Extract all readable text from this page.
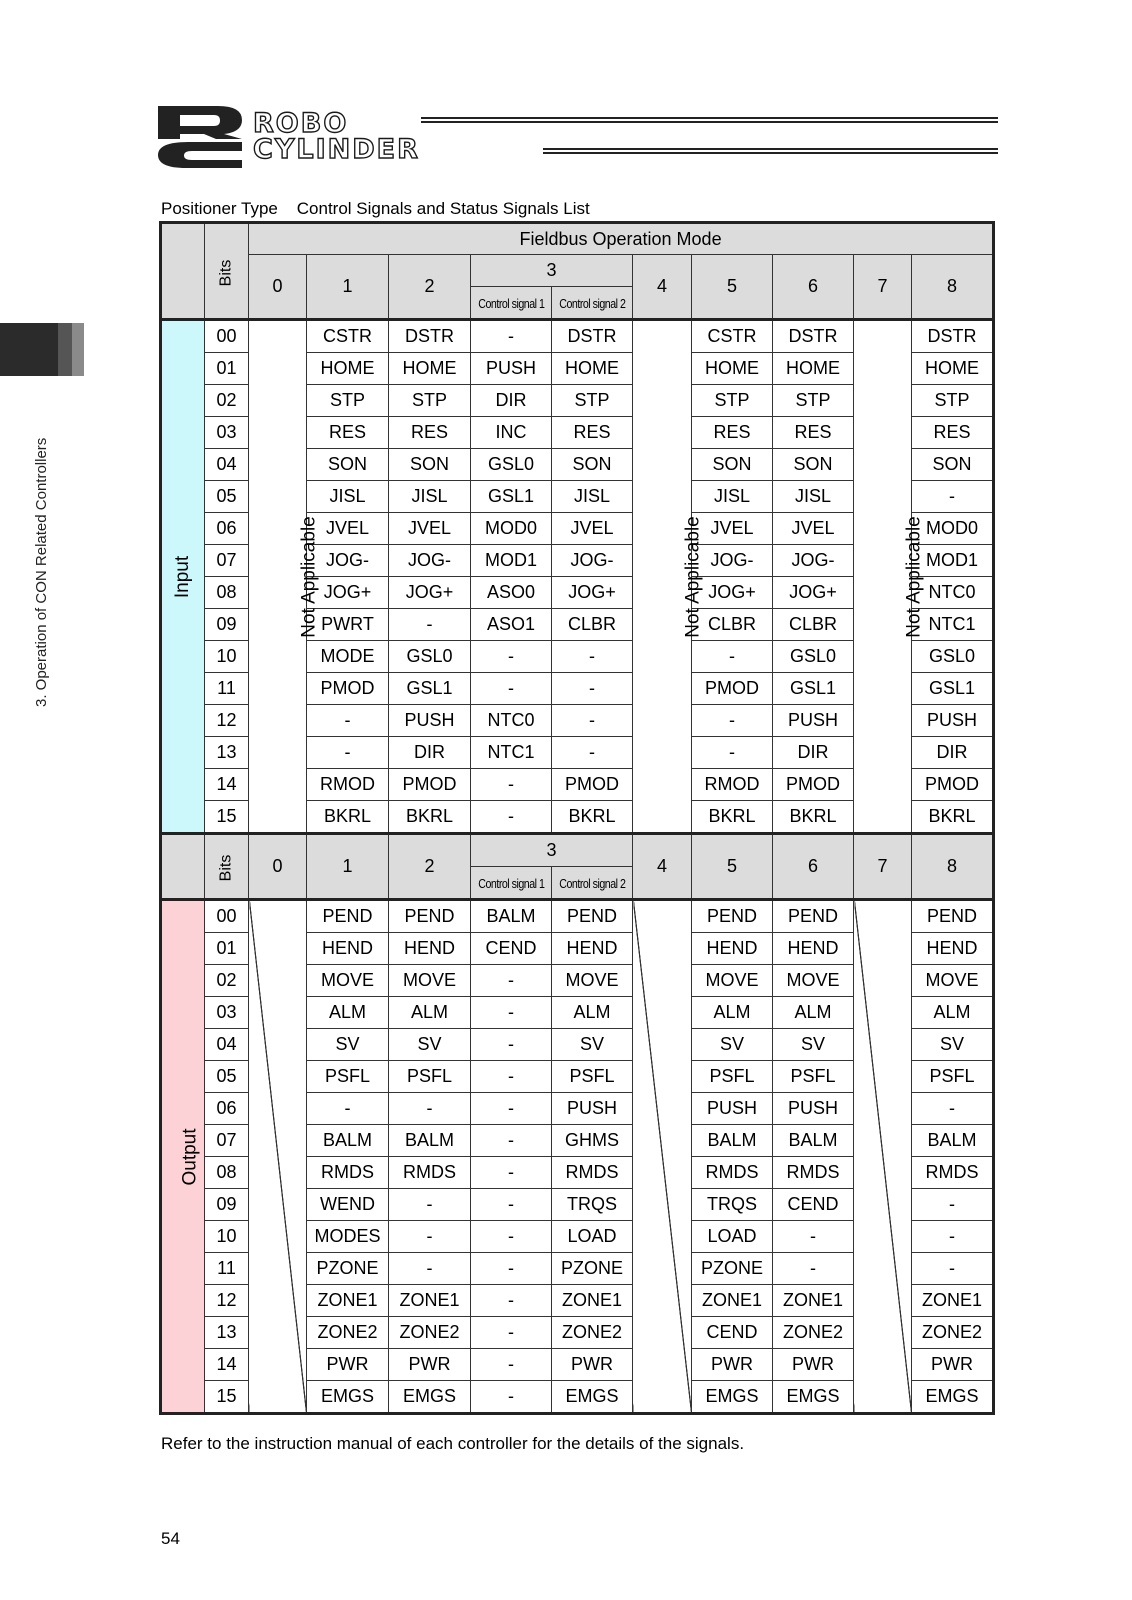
ROBO
CYLINDER
3. Operation of CON Related Controllers
Positioner Type    Control Signals and Status Signals List
	Bits	Fieldbus Operation Mode									
		0	1	2	3		4	5	6	7	8
					Control signal 1	Control signal 2					
Input	00	Not Applicable	CSTR	DSTR	-	DSTR	Not Applicable	CSTR	DSTR	Not Applicable	DSTR
	01		HOME	HOME	PUSH	HOME		HOME	HOME		HOME
	02		STP	STP	DIR	STP		STP	STP		STP
	03		RES	RES	INC	RES		RES	RES		RES
	04		SON	SON	GSL0	SON		SON	SON		SON
	05		JISL	JISL	GSL1	JISL		JISL	JISL		-
	06		JVEL	JVEL	MOD0	JVEL		JVEL	JVEL		MOD0
	07		JOG-	JOG-	MOD1	JOG-		JOG-	JOG-		MOD1
	08		JOG+	JOG+	ASO0	JOG+		JOG+	JOG+		NTC0
	09		PWRT	-	ASO1	CLBR		CLBR	CLBR		NTC1
	10		MODE	GSL0	-	-		-	GSL0		GSL0
	11		PMOD	GSL1	-	-		PMOD	GSL1		GSL1
	12		-	PUSH	NTC0	-		-	PUSH		PUSH
	13		-	DIR	NTC1	-		-	DIR		DIR
	14		RMOD	PMOD	-	PMOD		RMOD	PMOD		PMOD
	15		BKRL	BKRL	-	BKRL		BKRL	BKRL		BKRL
	Bits	0	1	2	3		4	5	6	7	8
					Control signal 1	Control signal 2					
Output	00		PEND	PEND	BALM	PEND		PEND	PEND		PEND
	01		HEND	HEND	CEND	HEND		HEND	HEND		HEND
	02		MOVE	MOVE	-	MOVE		MOVE	MOVE		MOVE
	03		ALM	ALM	-	ALM		ALM	ALM		ALM
	04		SV	SV	-	SV		SV	SV		SV
	05		PSFL	PSFL	-	PSFL		PSFL	PSFL		PSFL
	06		-	-	-	PUSH		PUSH	PUSH		-
	07		BALM	BALM	-	GHMS		BALM	BALM		BALM
	08		RMDS	RMDS	-	RMDS		RMDS	RMDS		RMDS
	09		WEND	-	-	TRQS		TRQS	CEND		-
	10		MODES	-	-	LOAD		LOAD	-		-
	11		PZONE	-	-	PZONE		PZONE	-		-
	12		ZONE1	ZONE1	-	ZONE1		ZONE1	ZONE1		ZONE1
	13		ZONE2	ZONE2	-	ZONE2		CEND	ZONE2		ZONE2
	14		PWR	PWR	-	PWR		PWR	PWR		PWR
	15		EMGS	EMGS	-	EMGS		EMGS	EMGS		EMGS
Refer to the instruction manual of each controller for the details of the signals.
54
